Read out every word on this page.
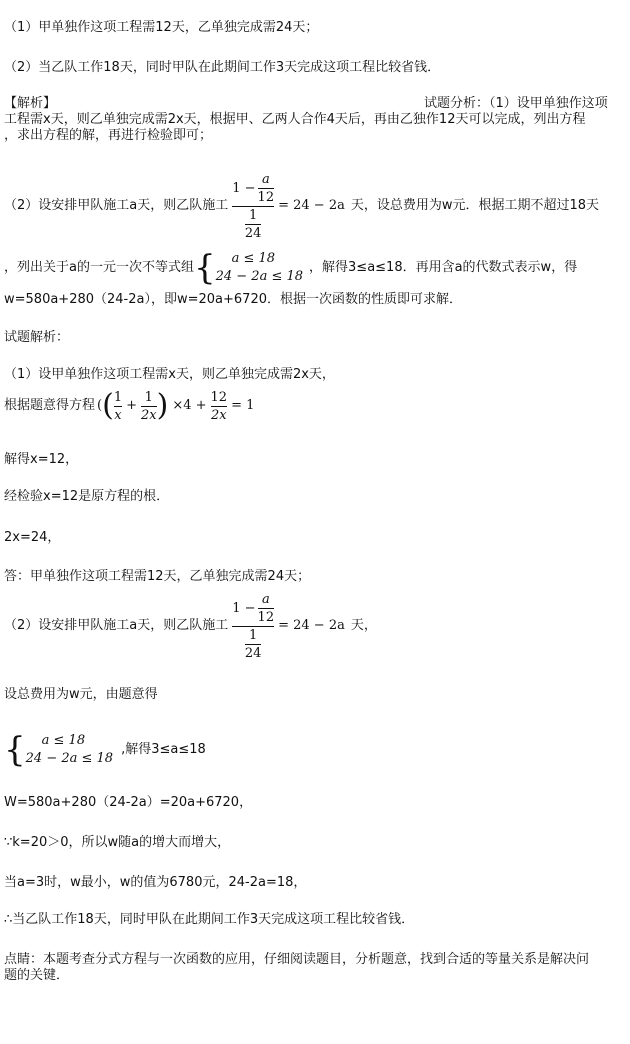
（1）甲单独作这项工程需12天，乙单独完成需24天；
（2）当乙队工作18天，同时甲队在此期间工作3天完成这项工程比较省钱．
【解析】	试题分析：（1）设甲单独作这项
工程需x天，则乙单独完成需2x天，根据甲、乙两人合作4天后，再由乙独作12天可以完成，列出方程
，求出方程的解，再进行检验即可；
（2）设安排甲队施工a天，则乙队施工 $\frac{1 - \frac{a}{12}}{\frac{1}{24}} = 24 - 2a$ 天，设总费用为w元．根据工期不超过18天
，列出关于a的一元一次不等式组 {	a ≤ 18
24 − 2a ≤ 18
，解得3≤a≤18．再用含a的代数式表示w，得
w=580a+280（24-2a），即w=20a+6720．根据一次函数的性质即可求解．
试题解析：
（1）设甲单独作这项工程需x天，则乙单独完成需2x天，
根据题意得方程 ( ( $\frac{1}{x} + \frac{1}{2x}$ ) $\times 4 + \frac{12}{2x} = 1$
解得x=12，
经检验x=12是原方程的根．
2x=24，
答：甲单独作这项工程需12天，乙单独完成需24天；
（2）设安排甲队施工a天，则乙队施工 $\frac{1 - \frac{a}{12}}{\frac{1}{24}} = 24 - 2a$ 天，
设总费用为w元，由题意得
{	a ≤ 18
24 − 2a ≤ 18
,解得3≤a≤18
W=580a+280（24-2a）=20a+6720，
∵k=20＞0，所以w随a的增大而增大，
当a=3时，w最小，w的值为6780元，24-2a=18，
∴当乙队工作18天，同时甲队在此期间工作3天完成这项工程比较省钱．
点睛：本题考查分式方程与一次函数的应用，仔细阅读题目，分析题意，找到合适的等量关系是解决问
题的关键．
